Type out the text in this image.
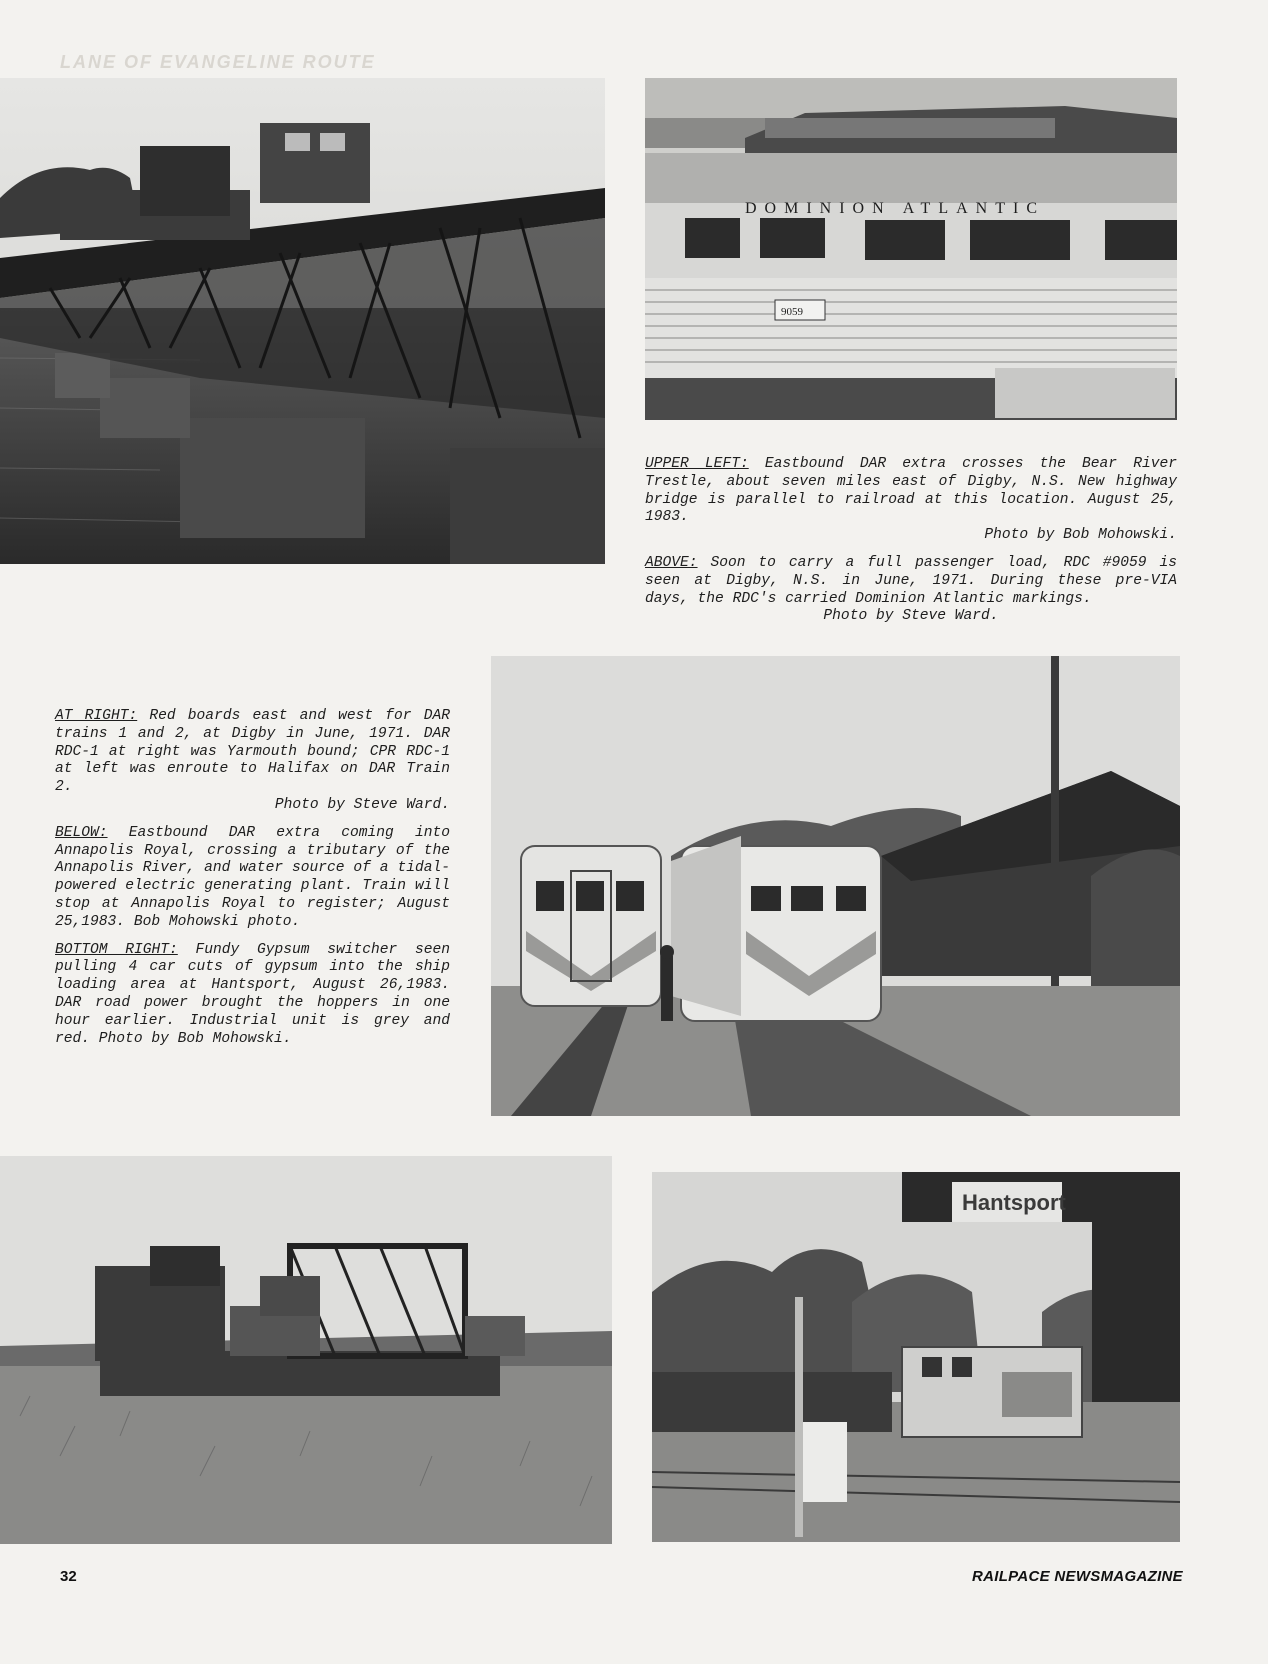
LANE OF EVANGELINE ROUTE
DOMINION ATLANTIC
9059

UPPER LEFT: Eastbound DAR extra crosses the Bear River Trestle, about seven miles east of Digby, N.S. New highway bridge is parallel to railroad at this location. August 25, 1983.
Photo by Bob Mohowski.

ABOVE: Soon to carry a full passenger load, RDC #9059 is seen at Digby, N.S. in June, 1971. During these pre-VIA days, the RDC's carried Dominion Atlantic markings.
Photo by Steve Ward.

AT RIGHT: Red boards east and west for DAR trains 1 and 2, at Digby in June, 1971. DAR RDC-1 at right was Yarmouth bound; CPR RDC-1 at left was enroute to Halifax on DAR Train 2.
Photo by Steve Ward.

BELOW: Eastbound DAR extra coming into Annapolis Royal, crossing a tributary of the Annapolis River, and water source of a tidal-powered electric generating plant. Train will stop at Annapolis Royal to register; August 25,1983. Bob Mohowski photo.

BOTTOM RIGHT: Fundy Gypsum switcher seen pulling 4 car cuts of gypsum into the ship loading area at Hantsport, August 26,1983. DAR road power brought the hoppers in one hour earlier. Industrial unit is grey and red. Photo by Bob Mohowski.

Hantsport
32	RAILPACE NEWSMAGAZINE
